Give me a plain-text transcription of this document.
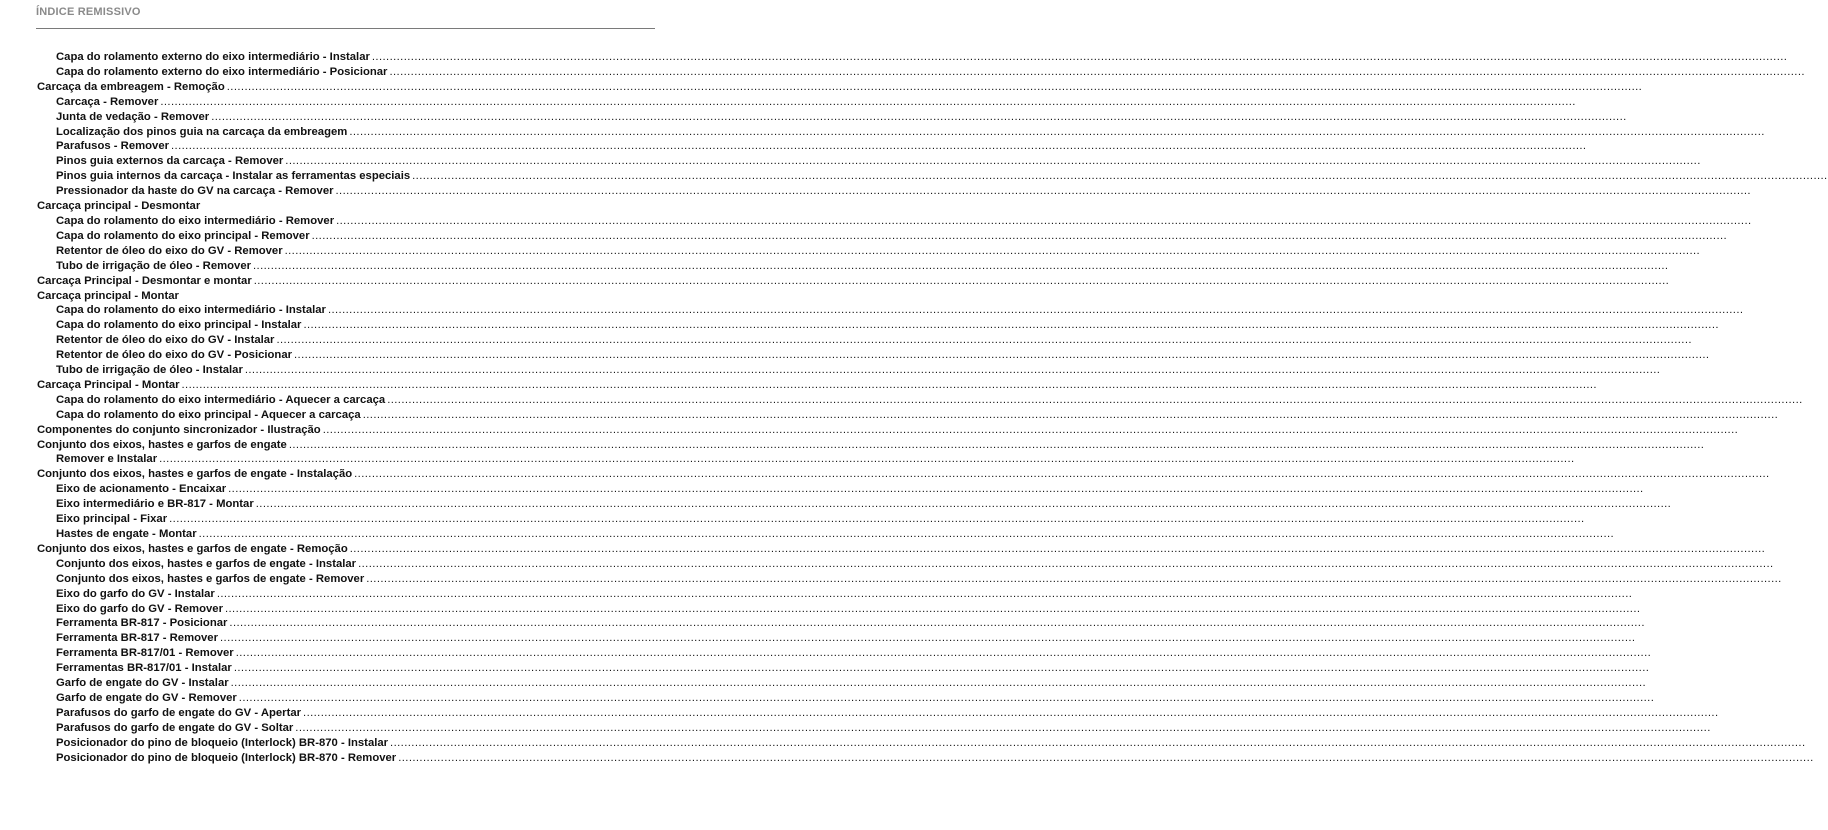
ÍNDICE REMISSIVO
Capa do rolamento externo do eixo intermediário - Instalar ................................................................................................................................................................................................................................................................................................................................................................................................................
Capa do rolamento externo do eixo intermediário - Posicionar ................................................................................................................................................................................................................................................................................................................................................................................................................
Carcaça da embreagem - Remoção ................................................................................................................................................................................................................................................................................................................................................................................................................
Carcaça - Remover ................................................................................................................................................................................................................................................................................................................................................................................................................
Junta de vedação - Remover ................................................................................................................................................................................................................................................................................................................................................................................................................
Localização dos pinos guia na carcaça da embreagem ................................................................................................................................................................................................................................................................................................................................................................................................................
Parafusos - Remover ................................................................................................................................................................................................................................................................................................................................................................................................................
Pinos guia externos da carcaça - Remover ................................................................................................................................................................................................................................................................................................................................................................................................................
Pinos guia internos da carcaça - Instalar as ferramentas especiais ................................................................................................................................................................................................................................................................................................................................................................................................................
Pressionador da haste do GV na carcaça - Remover ................................................................................................................................................................................................................................................................................................................................................................................................................
Carcaça principal - Desmontar
Capa do rolamento do eixo intermediário - Remover ................................................................................................................................................................................................................................................................................................................................................................................................................
Capa do rolamento do eixo principal - Remover ................................................................................................................................................................................................................................................................................................................................................................................................................
Retentor de óleo do eixo do GV - Remover ................................................................................................................................................................................................................................................................................................................................................................................................................
Tubo de irrigação de óleo - Remover ................................................................................................................................................................................................................................................................................................................................................................................................................
Carcaça Principal - Desmontar e montar ................................................................................................................................................................................................................................................................................................................................................................................................................
Carcaça principal - Montar
Capa do rolamento do eixo intermediário - Instalar ................................................................................................................................................................................................................................................................................................................................................................................................................
Capa do rolamento do eixo principal - Instalar ................................................................................................................................................................................................................................................................................................................................................................................................................
Retentor de óleo do eixo do GV - Instalar ................................................................................................................................................................................................................................................................................................................................................................................................................
Retentor de óleo do eixo do GV - Posicionar ................................................................................................................................................................................................................................................................................................................................................................................................................
Tubo de irrigação de óleo - Instalar ................................................................................................................................................................................................................................................................................................................................................................................................................
Carcaça Principal - Montar ................................................................................................................................................................................................................................................................................................................................................................................................................
Capa do rolamento do eixo intermediário - Aquecer a carcaça ................................................................................................................................................................................................................................................................................................................................................................................................................
Capa do rolamento do eixo principal - Aquecer a carcaça ................................................................................................................................................................................................................................................................................................................................................................................................................
Componentes do conjunto sincronizador - Ilustração ................................................................................................................................................................................................................................................................................................................................................................................................................
Conjunto dos eixos, hastes e garfos de engate ................................................................................................................................................................................................................................................................................................................................................................................................................
Remover e Instalar ................................................................................................................................................................................................................................................................................................................................................................................................................
Conjunto dos eixos, hastes e garfos de engate - Instalação ................................................................................................................................................................................................................................................................................................................................................................................................................
Eixo de acionamento - Encaixar ................................................................................................................................................................................................................................................................................................................................................................................................................
Eixo intermediário e BR-817 - Montar ................................................................................................................................................................................................................................................................................................................................................................................................................
Eixo principal - Fixar ................................................................................................................................................................................................................................................................................................................................................................................................................
Hastes de engate - Montar ................................................................................................................................................................................................................................................................................................................................................................................................................
Conjunto dos eixos, hastes e garfos de engate - Remoção ................................................................................................................................................................................................................................................................................................................................................................................................................
Conjunto dos eixos, hastes e garfos de engate - Instalar ................................................................................................................................................................................................................................................................................................................................................................................................................
Conjunto dos eixos, hastes e garfos de engate - Remover ................................................................................................................................................................................................................................................................................................................................................................................................................
Eixo do garfo do GV - Instalar ................................................................................................................................................................................................................................................................................................................................................................................................................
Eixo do garfo do GV - Remover ................................................................................................................................................................................................................................................................................................................................................................................................................
Ferramenta BR-817 - Posicionar ................................................................................................................................................................................................................................................................................................................................................................................................................
Ferramenta BR-817 - Remover ................................................................................................................................................................................................................................................................................................................................................................................................................
Ferramenta BR-817/01 - Remover ................................................................................................................................................................................................................................................................................................................................................................................................................
Ferramentas BR-817/01 - Instalar ................................................................................................................................................................................................................................................................................................................................................................................................................
Garfo de engate do GV - Instalar ................................................................................................................................................................................................................................................................................................................................................................................................................
Garfo de engate do GV - Remover ................................................................................................................................................................................................................................................................................................................................................................................................................
Parafusos do garfo de engate do GV - Apertar ................................................................................................................................................................................................................................................................................................................................................................................................................
Parafusos do garfo de engate do GV - Soltar ................................................................................................................................................................................................................................................................................................................................................................................................................
Posicionador do pino de bloqueio (Interlock) BR-870 - Instalar ................................................................................................................................................................................................................................................................................................................................................................................................................
Posicionador do pino de bloqueio (Interlock) BR-870 - Remover ................................................................................................................................................................................................................................................................................................................................................................................................................
